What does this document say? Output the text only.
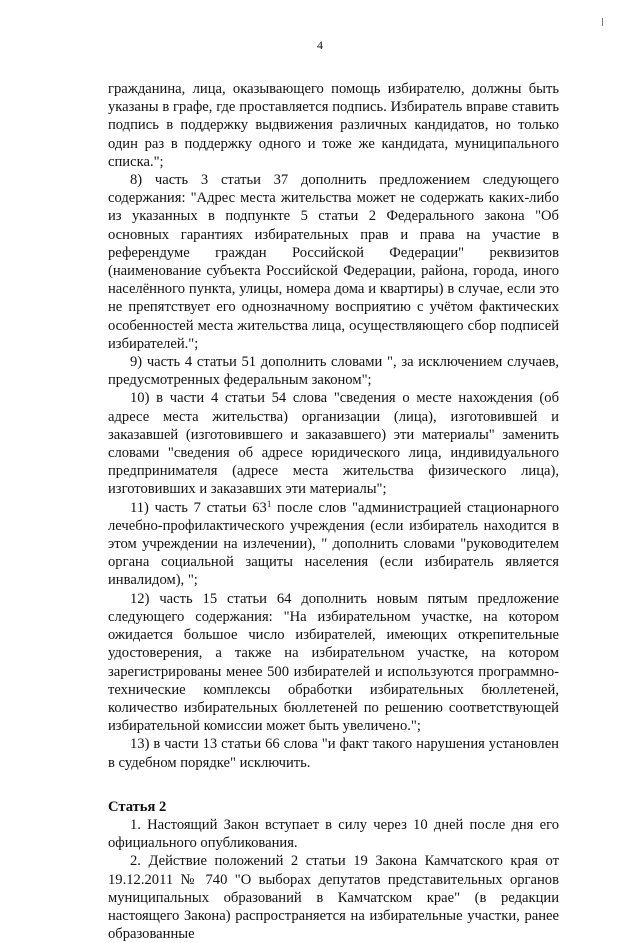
4

гражданина, лица, оказывающего помощь избирателю, должны быть указаны в графе, где проставляется подпись. Избиратель вправе ставить подпись в поддержку выдвижения различных кандидатов, но только один раз в поддержку одного и тоже же кандидата, муниципального списка.";

8) часть 3 статьи 37 дополнить предложением следующего содержания: "Адрес места жительства может не содержать каких-либо из указанных в подпункте 5 статьи 2 Федерального закона "Об основных гарантиях избирательных прав и права на участие в референдуме граждан Российской Федерации" реквизитов (наименование субъекта Российской Федерации, района, города, иного населённого пункта, улицы, номера дома и квартиры) в случае, если это не препятствует его однозначному восприятию с учётом фактических особенностей места жительства лица, осуществляющего сбор подписей избирателей.";

9) часть 4 статьи 51 дополнить словами ", за исключением случаев, предусмотренных федеральным законом";

10) в части 4 статьи 54 слова "сведения о месте нахождения (об адресе места жительства) организации (лица), изготовившей и заказавшей (изготовившего и заказавшего) эти материалы" заменить словами "сведения об адресе юридического лица, индивидуального предпринимателя (адресе места жительства физического лица), изготовивших и заказавших эти материалы";

11) часть 7 статьи $63^1$ после слов "администрацией стационарного лечебно-профилактического учреждения (если избиратель находится в этом учреждении на излечении), " дополнить словами "руководителем органа социальной защиты населения (если избиратель является инвалидом), ";

12) часть 15 статьи 64 дополнить новым пятым предложение следующего содержания: "На избирательном участке, на котором ожидается большое число избирателей, имеющих открепительные удостоверения, а также на избирательном участке, на котором зарегистрированы менее 500 избирателей и используются программно-технические комплексы обработки избирательных бюллетеней, количество избирательных бюллетеней по решению соответствующей избирательной комиссии может быть увеличено.";

13) в части 13 статьи 66 слова "и факт такого нарушения установлен в судебном порядке" исключить.

Статья 2

1. Настоящий Закон вступает в силу через 10 дней после дня его официального опубликования.

2. Действие положений 2 статьи 19 Закона Камчатского края от 19.12.2011 № 740 "О выборах депутатов представительных органов муниципальных образований в Камчатском крае" (в редакции настоящего Закона) распространяется на избирательные участки, ранее образованные
